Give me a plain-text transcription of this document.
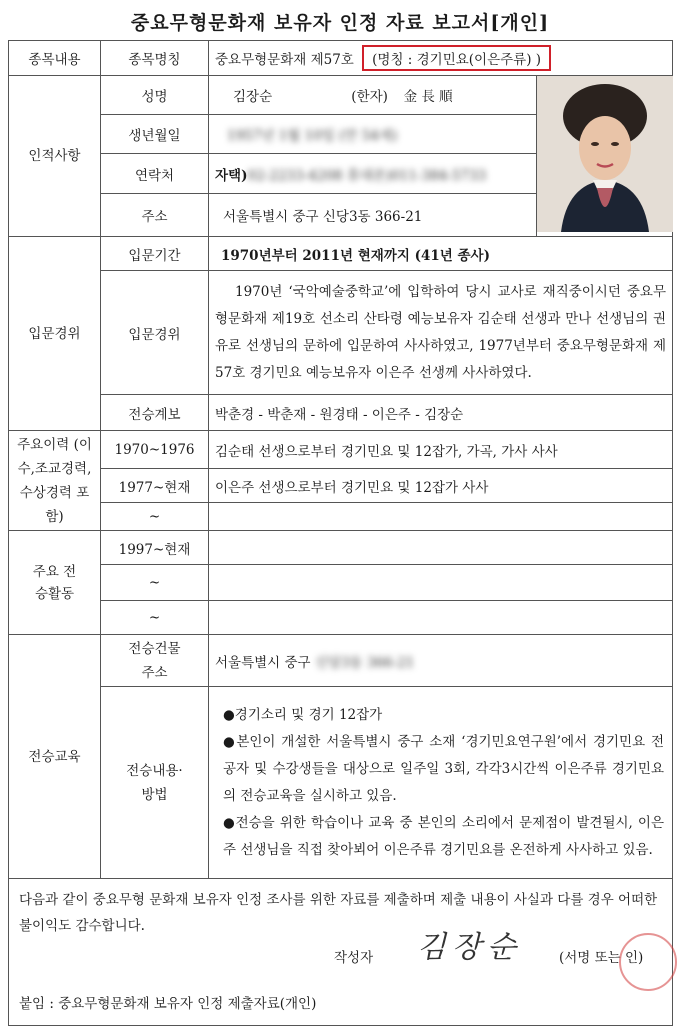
중요무형문화재 보유자 인정 자료 보고서[개인]
종목내용	종목명칭	중요무형문화재 제57호 (명칭 : 경기민요(이은주류) )	
인적사항	성명	김장순 (한자) 金 長 順	
	생년월일	1957년 1월 10일 (만 54세)	
	연락처	자택)02-2233-4208 휴대폰)011-384-5733	
	주소	서울특별시 중구 신당3동 366-21	
입문경위	입문기간	1970년부터 2011년 현재까지 (41년 종사)	
	입문경위	1970년 ‘국악예술중학교’에 입학하여 당시 교사로 재직중이시던 중요무형문화재 제19호 선소리 산타령 예능보유자 김순태 선생과 만나 선생님의 권유로 선생님의 문하에 입문하여 사사하였고, 1977년부터 중요무형문화재 제57호 경기민요 예능보유자 이은주 선생께 사사하였다.	
	전승계보	박춘경 - 박춘재 - 원경태 - 이은주 - 김장순	
주요이력 (이수,조교경력, 수상경력 포함)	1970~1976	김순태 선생으로부터 경기민요 및 12잡가, 가곡, 가사 사사	
	1977~현재	이은주 선생으로부터 경기민요 및 12잡가 사사	
	~		
주요 전승활동	1997~현재		
	~		
	~		
전승교육	전승건물 주소	서울특별시 중구 신당3동 366-21	
	전승내용· 방법	●경기소리 및 경기 12잡가
●본인이 개설한 서울특별시 중구 소재 ‘경기민요연구원’에서 경기민요 전공자 및 수강생들을 대상으로 일주일 3회, 각각3시간씩 이은주류 경기민요의 전승교육을 실시하고 있음.
●전승을 위한 학습이나 교육 중 본인의 소리에서 문제점이 발견될시, 이은주 선생님을 직접 찾아뵈어 이은주류 경기민요를 온전하게 사사하고 있음.	

다음과 같이 중요무형 문화재 보유자 인정 조사를 위한 자료를 제출하며 제출 내용이 사실과 다를 경우 어떠한 불이익도 감수합니다.
작성자 김장순 (서명 또는 인)
붙임 : 중요무형문화재 보유자 인정 제출자료(개인)			
